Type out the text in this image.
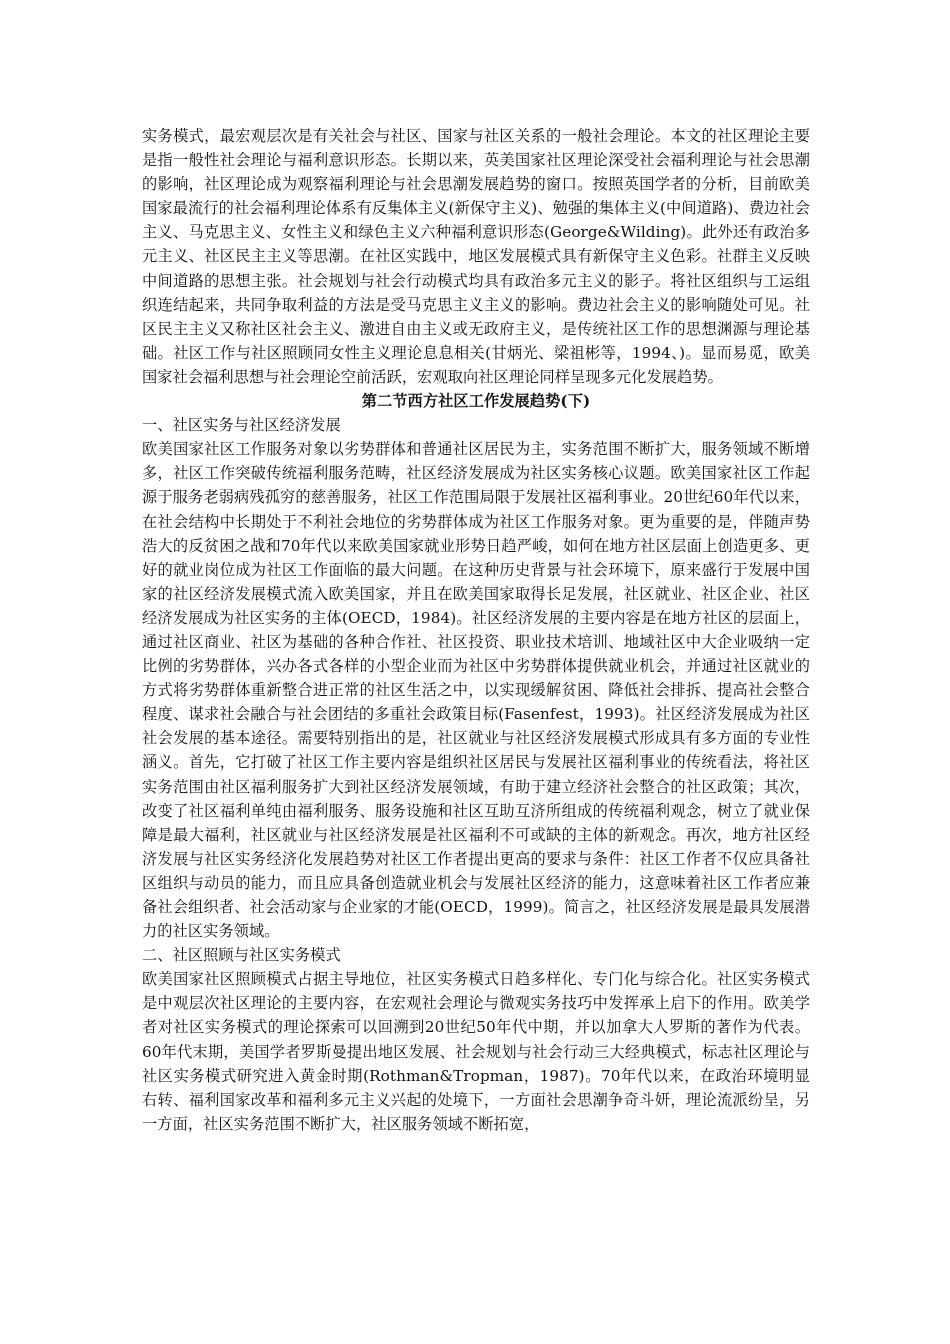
实务模式，最宏观层次是有关社会与社区、国家与社区关系的一般社会理论。本文的社区理论主要是指一般性社会理论与福利意识形态。长期以来，英美国家社区理论深受社会福利理论与社会思潮的影响，社区理论成为观察福利理论与社会思潮发展趋势的窗口。按照英国学者的分析，目前欧美国家最流行的社会福利理论体系有反集体主义(新保守主义)、勉强的集体主义(中间道路)、费边社会主义、马克思主义、女性主义和绿色主义六种福利意识形态(George&Wilding)。此外还有政治多元主义、社区民主主义等思潮。在社区实践中，地区发展模式具有新保守主义色彩。社群主义反映中间道路的思想主张。社会规划与社会行动模式均具有政治多元主义的影子。将社区组织与工运组织连结起来，共同争取利益的方法是受马克思主义主义的影响。费边社会主义的影响随处可见。社区民主主义又称社区社会主义、激进自由主义或无政府主义，是传统社区工作的思想渊源与理论基础。社区工作与社区照顾同女性主义理论息息相关(甘炳光、梁祖彬等，1994、)。显而易觅，欧美国家社会福利思想与社会理论空前活跃，宏观取向社区理论同样呈现多元化发展趋势。

第二节西方社区工作发展趋势(下)

一、社区实务与社区经济发展

欧美国家社区工作服务对象以劣势群体和普通社区居民为主，实务范围不断扩大，服务领域不断增多，社区工作突破传统福利服务范畴，社区经济发展成为社区实务核心议题。欧美国家社区工作起源于服务老弱病残孤穷的慈善服务，社区工作范围局限于发展社区福利事业。20世纪60年代以来，在社会结构中长期处于不利社会地位的劣势群体成为社区工作服务对象。更为重要的是，伴随声势浩大的反贫困之战和70年代以来欧美国家就业形势日趋严峻，如何在地方社区层面上创造更多、更好的就业岗位成为社区工作面临的最大问题。在这种历史背景与社会环境下，原来盛行于发展中国家的社区经济发展模式流入欧美国家，并且在欧美国家取得长足发展，社区就业、社区企业、社区经济发展成为社区实务的主体(OECD，1984)。社区经济发展的主要内容是在地方社区的层面上，通过社区商业、社区为基础的各种合作社、社区投资、职业技术培训、地域社区中大企业吸纳一定比例的劣势群体，兴办各式各样的小型企业而为社区中劣势群体提供就业机会，并通过社区就业的方式将劣势群体重新整合进正常的社区生活之中，以实现缓解贫困、降低社会排拆、提高社会整合程度、谋求社会融合与社会团结的多重社会政策目标(Fasenfest，1993)。社区经济发展成为社区社会发展的基本途径。需要特别指出的是，社区就业与社区经济发展模式形成具有多方面的专业性涵义。首先，它打破了社区工作主要内容是组织社区居民与发展社区福利事业的传统看法，将社区实务范围由社区福利服务扩大到社区经济发展领域，有助于建立经济社会整合的社区政策；其次，改变了社区福利单纯由福利服务、服务设施和社区互助互济所组成的传统福利观念，树立了就业保障是最大福利，社区就业与社区经济发展是社区福利不可或缺的主体的新观念。再次，地方社区经济发展与社区实务经济化发展趋势对社区工作者提出更高的要求与条件：社区工作者不仅应具备社区组织与动员的能力，而且应具备创造就业机会与发展社区经济的能力，这意味着社区工作者应兼备社会组织者、社会活动家与企业家的才能(OECD，1999)。简言之，社区经济发展是最具发展潜力的社区实务领域。

二、社区照顾与社区实务模式

欧美国家社区照顾模式占据主导地位，社区实务模式日趋多样化、专门化与综合化。社区实务模式是中观层次社区理论的主要内容，在宏观社会理论与微观实务技巧中发挥承上启下的作用。欧美学者对社区实务模式的理论探索可以回溯到20世纪50年代中期，并以加拿大人罗斯的著作为代表。60年代末期，美国学者罗斯曼提出地区发展、社会规划与社会行动三大经典模式，标志社区理论与社区实务模式研究进入黄金时期(Rothman&Tropman，1987)。70年代以来，在政治环境明显右转、福利国家改革和福利多元主义兴起的处境下，一方面社会思潮争奇斗妍，理论流派纷呈，另一方面，社区实务范围不断扩大，社区服务领域不断拓宽，
